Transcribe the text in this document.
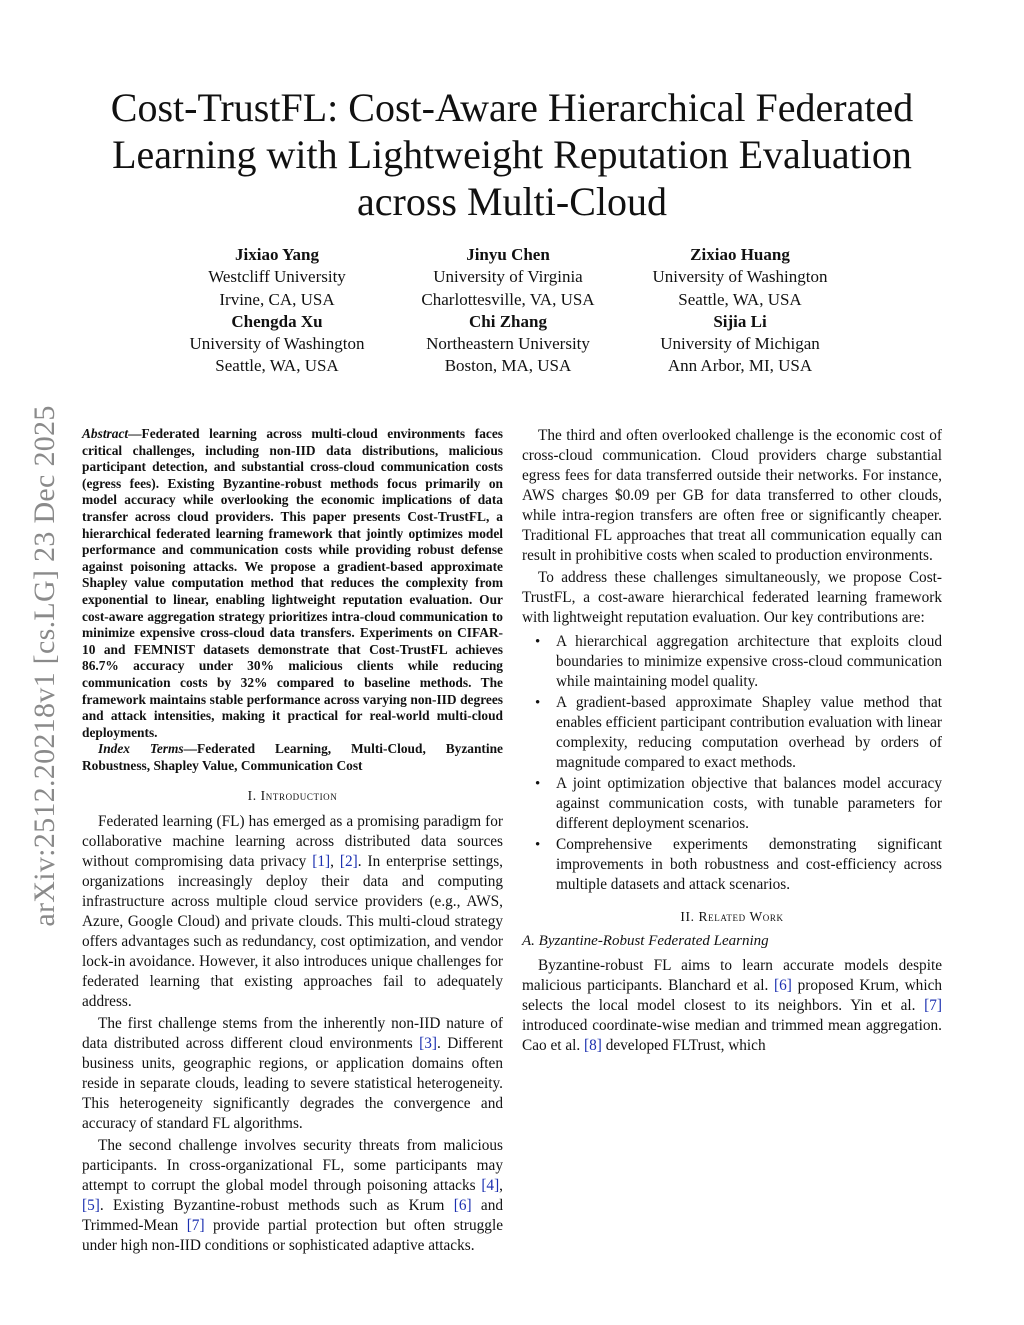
arXiv:2512.20218v1 [cs.LG] 23 Dec 2025
Cost-TrustFL: Cost-Aware Hierarchical Federated
Learning with Lightweight Reputation Evaluation
across Multi-Cloud
Jixiao Yang
Westcliff University
Irvine, CA, USA
Chengda Xu
University of Washington
Seattle, WA, USA
Jinyu Chen
University of Virginia
Charlottesville, VA, USA
Chi Zhang
Northeastern University
Boston, MA, USA
Zixiao Huang
University of Washington
Seattle, WA, USA
Sijia Li
University of Michigan
Ann Arbor, MI, USA

Abstract—Federated learning across multi-cloud environments faces critical challenges, including non-IID data distributions, malicious participant detection, and substantial cross-cloud communication costs (egress fees). Existing Byzantine-robust methods focus primarily on model accuracy while overlooking the economic implications of data transfer across cloud providers. This paper presents Cost-TrustFL, a hierarchical federated learning framework that jointly optimizes model performance and communication costs while providing robust defense against poisoning attacks. We propose a gradient-based approximate Shapley value computation method that reduces the complexity from exponential to linear, enabling lightweight reputation evaluation. Our cost-aware aggregation strategy prioritizes intra-cloud communication to minimize expensive cross-cloud data transfers. Experiments on CIFAR-10 and FEMNIST datasets demonstrate that Cost-TrustFL achieves 86.7% accuracy under 30% malicious clients while reducing communication costs by 32% compared to baseline methods. The framework maintains stable performance across varying non-IID degrees and attack intensities, making it practical for real-world multi-cloud deployments.

Index Terms—Federated Learning, Multi-Cloud, Byzantine Robustness, Shapley Value, Communication Cost

I. Introduction

Federated learning (FL) has emerged as a promising paradigm for collaborative machine learning across distributed data sources without compromising data privacy [1], [2]. In enterprise settings, organizations increasingly deploy their data and computing infrastructure across multiple cloud service providers (e.g., AWS, Azure, Google Cloud) and private clouds. This multi-cloud strategy offers advantages such as redundancy, cost optimization, and vendor lock-in avoidance. However, it also introduces unique challenges for federated learning that existing approaches fail to adequately address.

The first challenge stems from the inherently non-IID nature of data distributed across different cloud environments [3]. Different business units, geographic regions, or application domains often reside in separate clouds, leading to severe statistical heterogeneity. This heterogeneity significantly degrades the convergence and accuracy of standard FL algorithms.

The second challenge involves security threats from malicious participants. In cross-organizational FL, some participants may attempt to corrupt the global model through poisoning attacks [4], [5]. Existing Byzantine-robust methods such as Krum [6] and Trimmed-Mean [7] provide partial protection but often struggle under high non-IID conditions or sophisticated adaptive attacks.

The third and often overlooked challenge is the economic cost of cross-cloud communication. Cloud providers charge substantial egress fees for data transferred outside their networks. For instance, AWS charges $0.09 per GB for data transferred to other clouds, while intra-region transfers are often free or significantly cheaper. Traditional FL approaches that treat all communication equally can result in prohibitive costs when scaled to production environments.

To address these challenges simultaneously, we propose Cost-TrustFL, a cost-aware hierarchical federated learning framework with lightweight reputation evaluation. Our key contributions are:

• A hierarchical aggregation architecture that exploits cloud boundaries to minimize expensive cross-cloud communication while maintaining model quality.
• A gradient-based approximate Shapley value method that enables efficient participant contribution evaluation with linear complexity, reducing computation overhead by orders of magnitude compared to exact methods.
• A joint optimization objective that balances model accuracy against communication costs, with tunable parameters for different deployment scenarios.
• Comprehensive experiments demonstrating significant improvements in both robustness and cost-efficiency across multiple datasets and attack scenarios.
II. Related Work
A. Byzantine-Robust Federated Learning

Byzantine-robust FL aims to learn accurate models despite malicious participants. Blanchard et al. [6] proposed Krum, which selects the local model closest to its neighbors. Yin et al. [7] introduced coordinate-wise median and trimmed mean aggregation. Cao et al. [8] developed FLTrust, which
